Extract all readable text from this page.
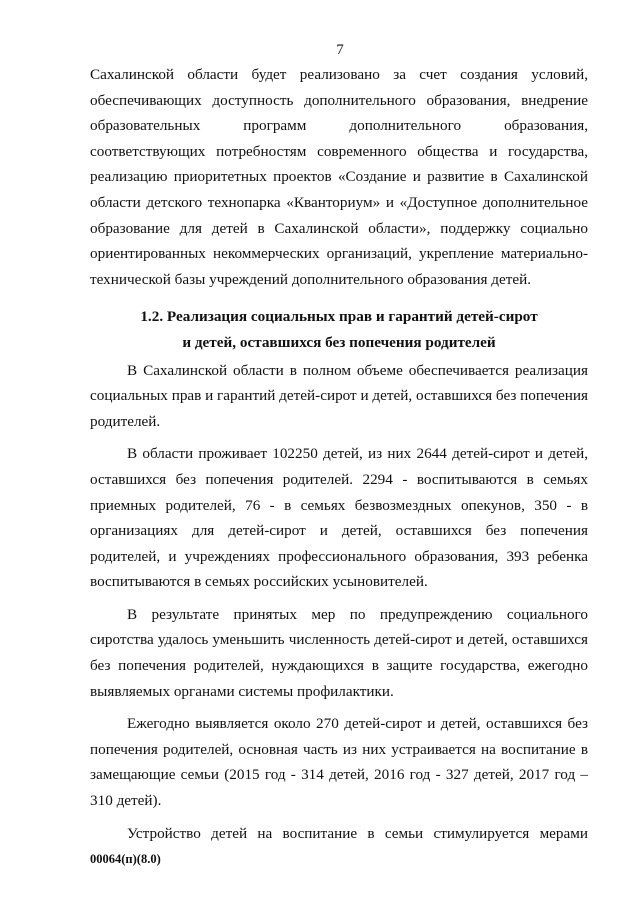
7

Сахалинской области будет реализовано за счет создания условий, обеспечивающих доступность дополнительного образования, внедрение образовательных программ дополнительного образования, соответствующих потребностям современного общества и государства, реализацию приоритетных проектов «Создание и развитие в Сахалинской области детского технопарка «Кванториум» и «Доступное дополнительное образование для детей в Сахалинской области», поддержку социально ориентированных некоммерческих организаций, укрепление материально-технической базы учреждений дополнительного образования детей.

1.2. Реализация социальных прав и гарантий детей-сирот
и детей, оставшихся без попечения родителей

В Сахалинской области в полном объеме обеспечивается реализация социальных прав и гарантий детей-сирот и детей, оставшихся без попечения родителей.

В области проживает 102250 детей, из них 2644 детей-сирот и детей, оставшихся без попечения родителей. 2294 - воспитываются в семьях приемных родителей, 76 - в семьях безвозмездных опекунов, 350 - в организациях для детей-сирот и детей, оставшихся без попечения родителей, и учреждениях профессионального образования, 393 ребенка воспитываются в семьях российских усыновителей.

В результате принятых мер по предупреждению социального сиротства удалось уменьшить численность детей-сирот и детей, оставшихся без попечения родителей, нуждающихся в защите государства, ежегодно выявляемых органами системы профилактики.

Ежегодно выявляется около 270 детей-сирот и детей, оставшихся без попечения родителей, основная часть из них устраивается на воспитание в замещающие семьи (2015 год - 314 детей, 2016 год - 327 детей, 2017 год – 310 детей).

Устройство детей на воспитание в семьи стимулируется мерами

00064(п)(8.0)
